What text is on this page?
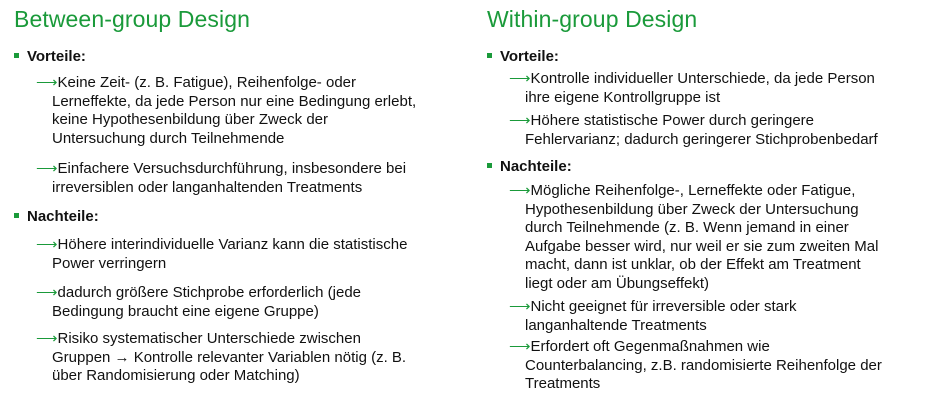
Between-group Design
Vorteile:
⟶Keine Zeit- (z. B. Fatigue), Reihenfolge- oder
Lerneffekte, da jede Person nur eine Bedingung erlebt,
keine Hypothesenbildung über Zweck der
Untersuchung durch Teilnehmende
⟶Einfachere Versuchsdurchführung, insbesondere bei
irreversiblen oder langanhaltenden Treatments
Nachteile:
⟶Höhere interindividuelle Varianz kann die statistische
Power verringern
⟶dadurch größere Stichprobe erforderlich (jede
Bedingung braucht eine eigene Gruppe)
⟶Risiko systematischer Unterschiede zwischen
Gruppen → Kontrolle relevanter Variablen nötig (z. B.
über Randomisierung oder Matching)
Within-group Design
Vorteile:
⟶Kontrolle individueller Unterschiede, da jede Person
ihre eigene Kontrollgruppe ist
⟶Höhere statistische Power durch geringere
Fehlervarianz; dadurch geringerer Stichprobenbedarf
Nachteile:
⟶Mögliche Reihenfolge-, Lerneffekte oder Fatigue,
Hypothesenbildung über Zweck der Untersuchung
durch Teilnehmende (z. B. Wenn jemand in einer
Aufgabe besser wird, nur weil er sie zum zweiten Mal
macht, dann ist unklar, ob der Effekt am Treatment
liegt oder am Übungseffekt)
⟶Nicht geeignet für irreversible oder stark
langanhaltende Treatments
⟶Erfordert oft Gegenmaßnahmen wie
Counterbalancing, z.B. randomisierte Reihenfolge der
Treatments
